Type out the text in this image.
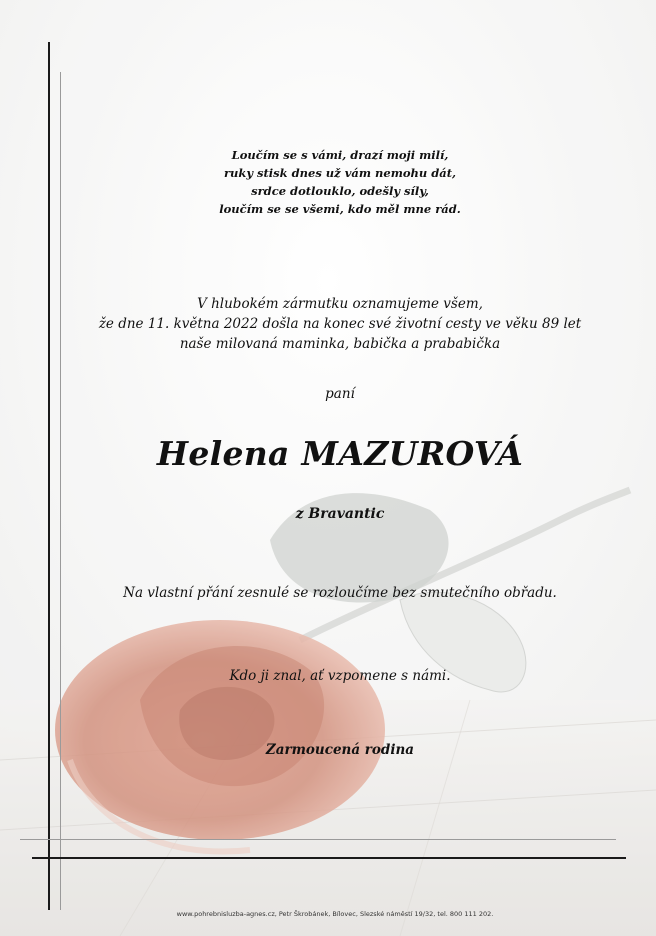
Loučím se s vámi, drazí moji milí,
ruky stisk dnes už vám nemohu dát,
srdce dotlouklo, odešly síly,
loučím se se všemi, kdo měl mne rád.
V hlubokém zármutku oznamujeme všem,
že dne 11. května 2022 došla na konec své životní cesty ve věku 89 let
naše milovaná maminka, babička a prababička
paní
Helena MAZUROVÁ
z Bravantic
Na vlastní přání zesnulé se rozloučíme bez smutečního obřadu.
Kdo ji znal, ať vzpomene s námi.
Zarmoucená rodina
www.pohrebnisluzba-agnes.cz, Petr Škrobánek, Bílovec, Slezské náměstí 19/32, tel. 800 111 202.
